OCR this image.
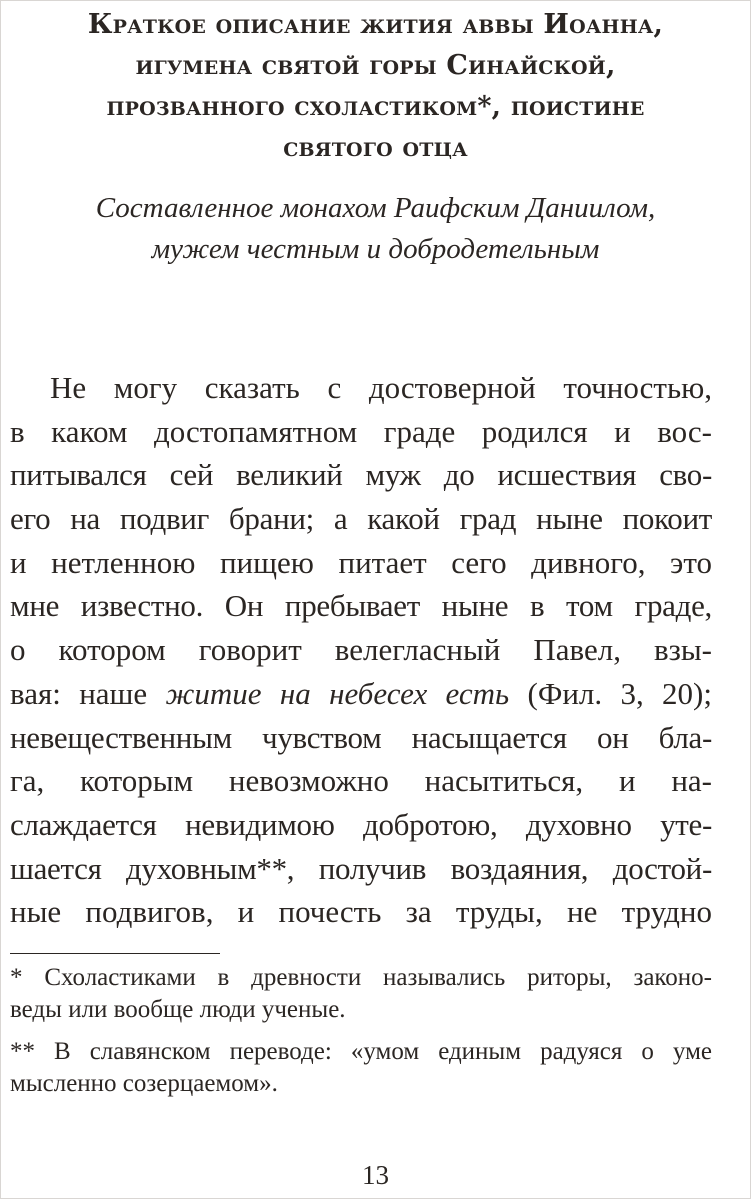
Краткое описание жития аввы Иоанна,
игумена святой горы Синайской,
прозванного схоластиком*, поистине
святого отца
Составленное монахом Раифским Даниилом,
мужем честным и добродетельным
Не могу сказать с достоверной точностью,
в каком достопамятном граде родился и вос-
питывался сей великий муж до исшествия сво-
его на подвиг брани; а какой град ныне покоит
и нетленною пищею питает сего дивного, это
мне известно. Он пребывает ныне в том граде,
о котором говорит велегласный Павел, взы-
вая: наше житие на небесех есть (Фил. 3, 20);
невещественным чувством насыщается он бла-
га, которым невозможно насытиться, и на-
слаждается невидимою добротою, духовно уте-
шается духовным**, получив воздаяния, достой-
ные подвигов, и почесть за труды, не трудно
* Схоластиками в древности назывались риторы, законо-
веды или вообще люди ученые.
** В славянском переводе: «умом единым радуяся о уме
мысленно созерцаемом».
13
